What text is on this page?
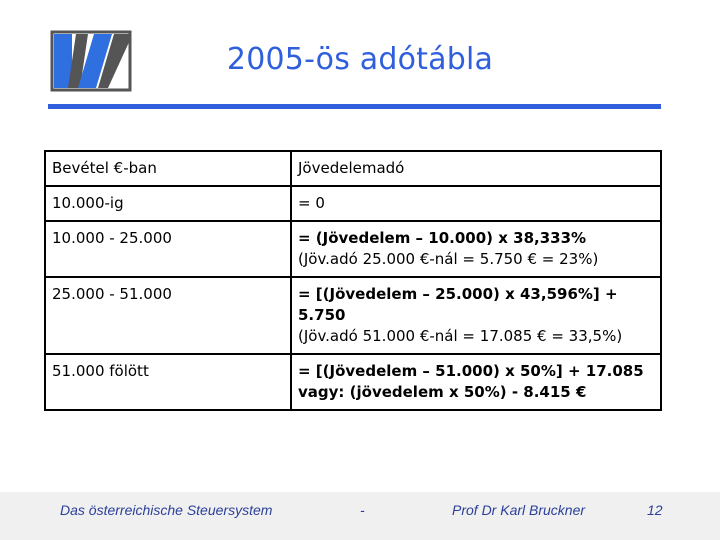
2005-ös adótábla
Bevétel €-ban	Jövedelemadó
10.000-ig	= 0

10.000 - 25.000	= (Jövedelem – 10.000) x 38,333%
(Jöv.adó 25.000 €-nál = 5.750 € = 23%)

25.000 - 51.000	= [(Jövedelem – 25.000) x 43,596%] + 5.750
(Jöv.adó 51.000 €-nál = 17.085 € = 33,5%)

51.000 fölött	= [(Jövedelem – 51.000) x 50%] + 17.085 vagy: (jövedelem x 50%) - 8.415 €
Das österreichische Steuersystem	-	Prof Dr Karl Bruckner	12
